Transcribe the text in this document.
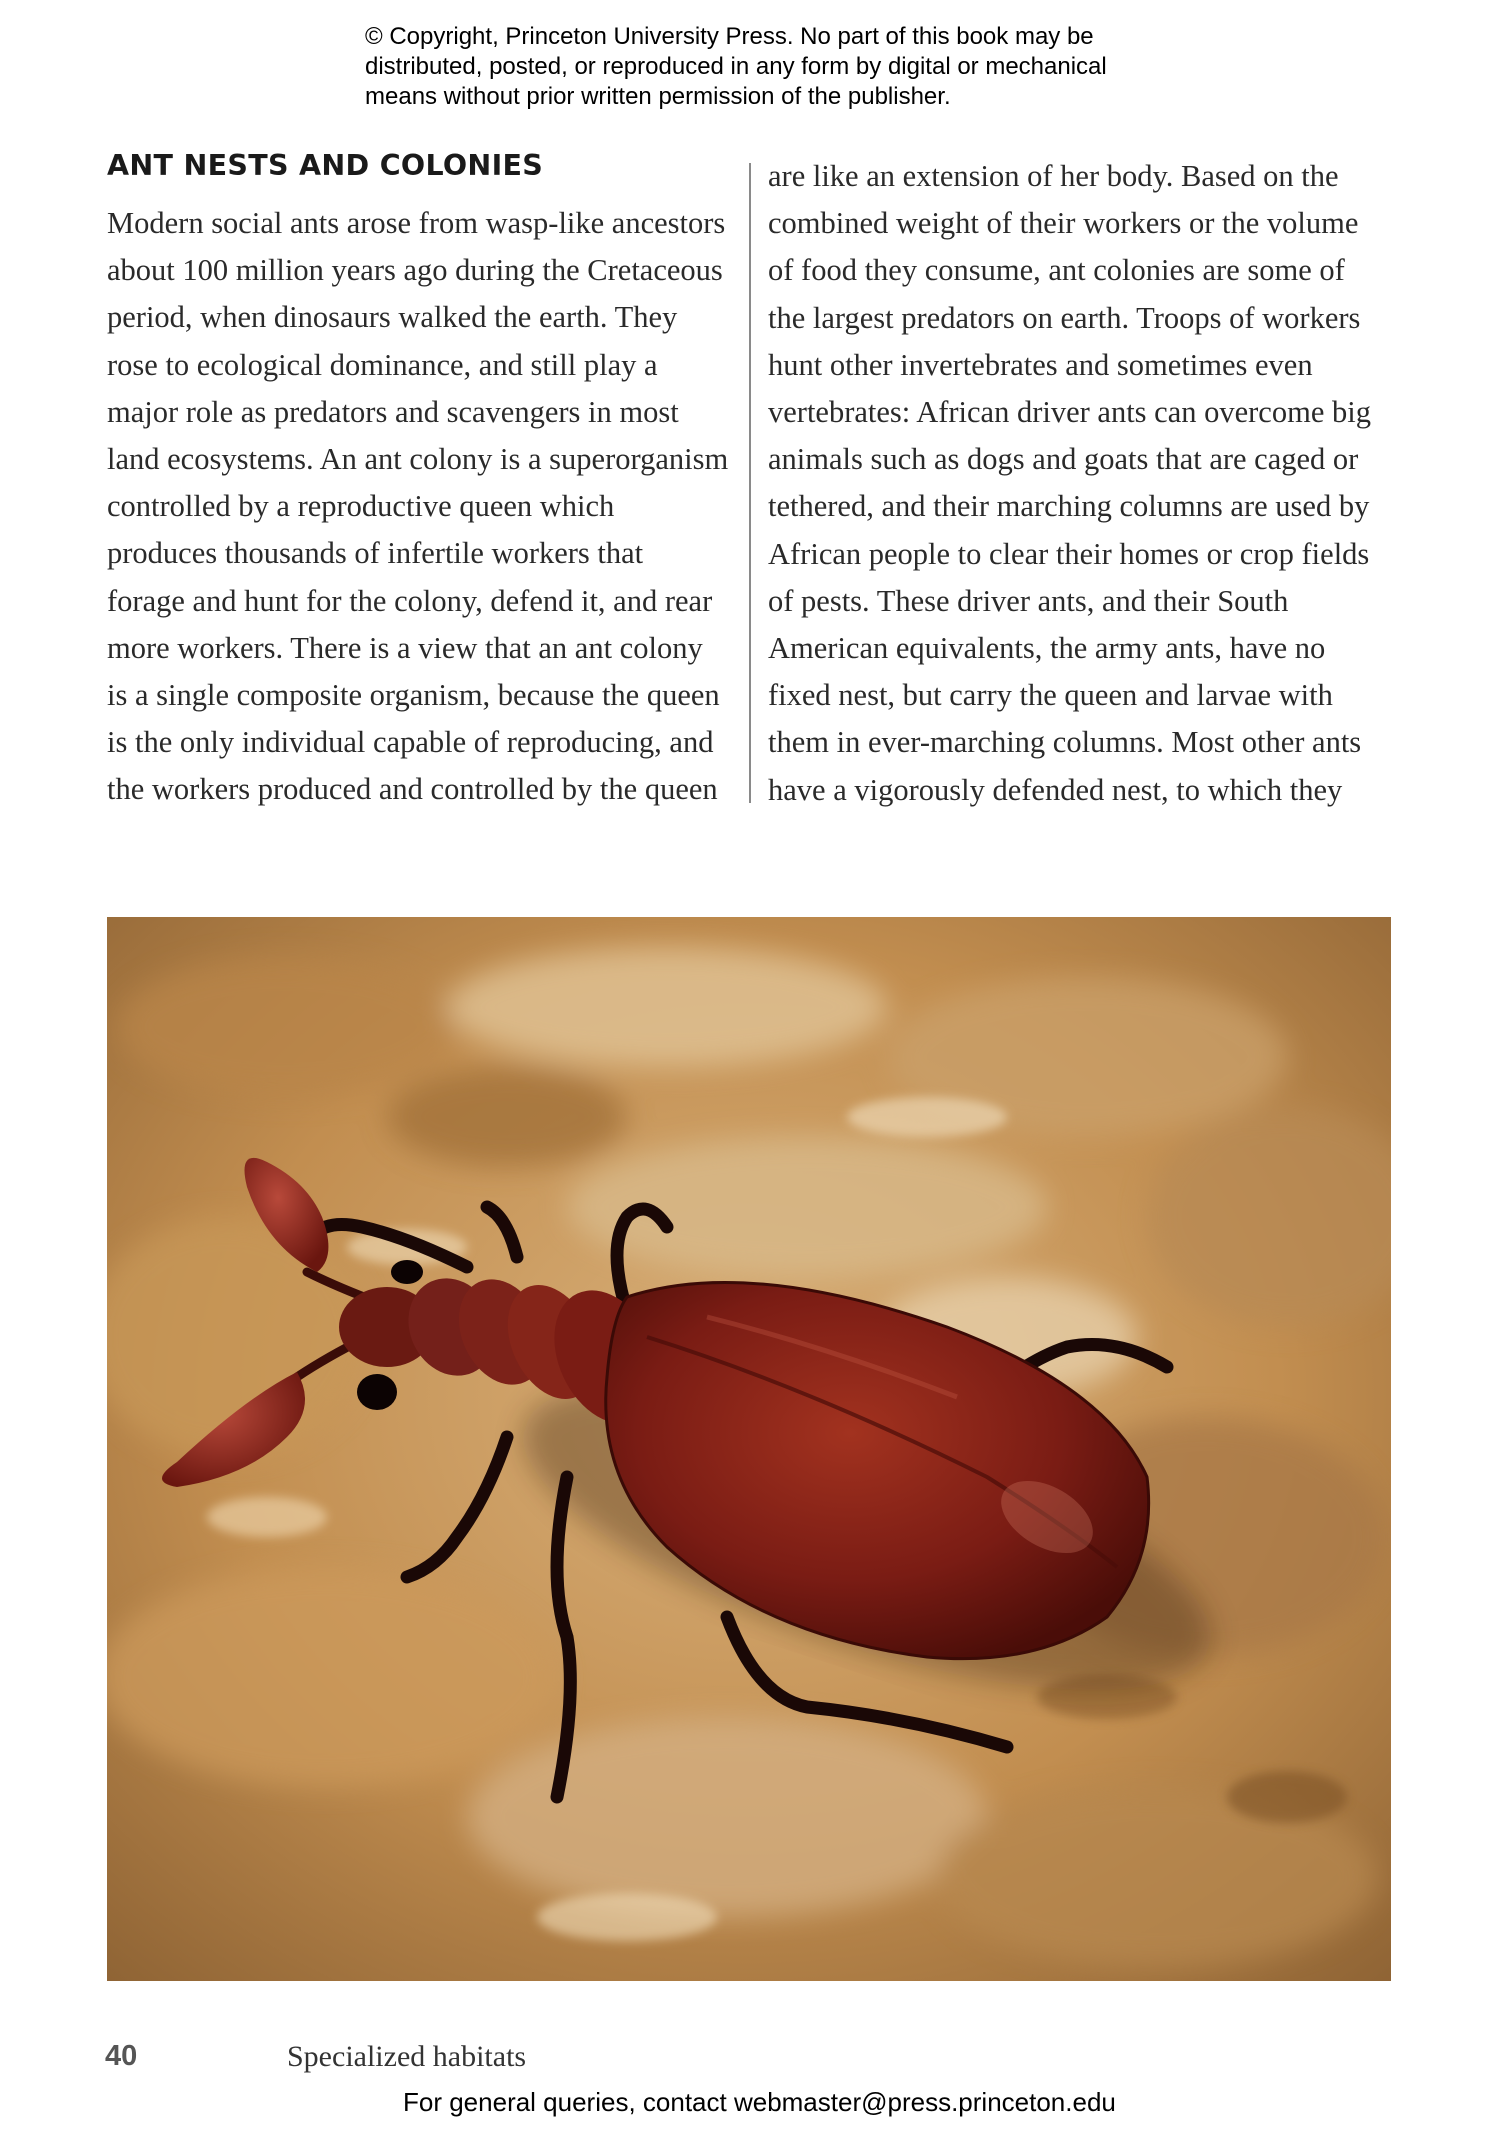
© Copyright, Princeton University Press. No part of this book may be
distributed, posted, or reproduced in any form by digital or mechanical
means without prior written permission of the publisher.
ANT NESTS AND COLONIES
Modern social ants arose from wasp-like ancestors
about 100 million years ago during the Cretaceous
period, when dinosaurs walked the earth. They
rose to ecological dominance, and still play a
major role as predators and scavengers in most
land ecosystems. An ant colony is a superorganism
controlled by a reproductive queen which
produces thousands of infertile workers that
forage and hunt for the colony, defend it, and rear
more workers. There is a view that an ant colony
is a single composite organism, because the queen
is the only individual capable of reproducing, and
the workers produced and controlled by the queen
are like an extension of her body. Based on the
combined weight of their workers or the volume
of food they consume, ant colonies are some of
the largest predators on earth. Troops of workers
hunt other invertebrates and sometimes even
vertebrates: African driver ants can overcome big
animals such as dogs and goats that are caged or
tethered, and their marching columns are used by
African people to clear their homes or crop fields
of pests. These driver ants, and their South
American equivalents, the army ants, have no
fixed nest, but carry the queen and larvae with
them in ever-marching columns. Most other ants
have a vigorously defended nest, to which they
40	Specialized habitats
For general queries, contact webmaster@press.princeton.edu
